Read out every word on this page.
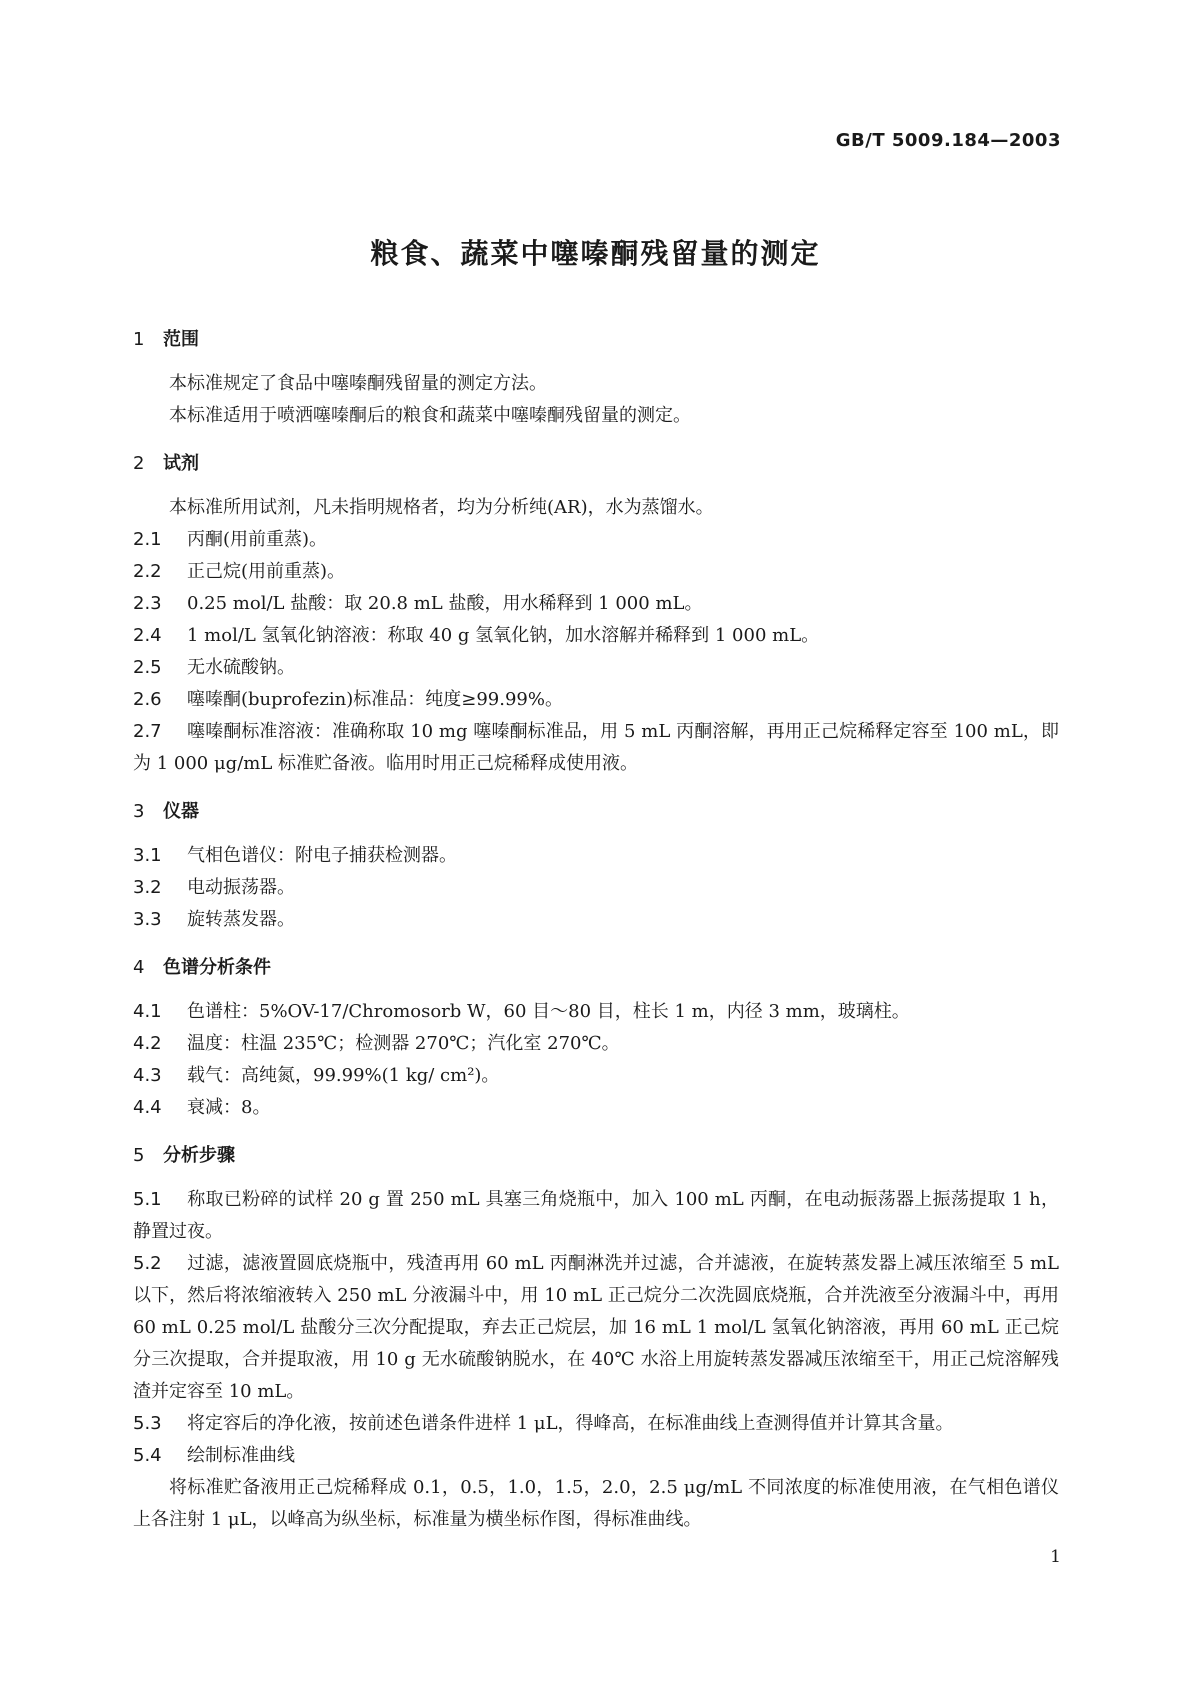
GB/T 5009.184—2003
粮食、蔬菜中噻嗪酮残留量的测定
1 范围
本标准规定了食品中噻嗪酮残留量的测定方法。
本标准适用于喷洒噻嗪酮后的粮食和蔬菜中噻嗪酮残留量的测定。
2 试剂
本标准所用试剂，凡未指明规格者，均为分析纯(AR)，水为蒸馏水。
2.1 丙酮(用前重蒸)。
2.2 正己烷(用前重蒸)。
2.3 0.25 mol/L 盐酸：取 20.8 mL 盐酸，用水稀释到 1 000 mL。
2.4 1 mol/L 氢氧化钠溶液：称取 40 g 氢氧化钠，加水溶解并稀释到 1 000 mL。
2.5 无水硫酸钠。
2.6 噻嗪酮(buprofezin)标准品：纯度≥99.99%。
2.7 噻嗪酮标准溶液：准确称取 10 mg 噻嗪酮标准品，用 5 mL 丙酮溶解，再用正己烷稀释定容至 100 mL，即为 1 000 μg/mL 标准贮备液。临用时用正己烷稀释成使用液。
3 仪器
3.1 气相色谱仪：附电子捕获检测器。
3.2 电动振荡器。
3.3 旋转蒸发器。
4 色谱分析条件
4.1 色谱柱：5%OV-17/Chromosorb W，60 目～80 目，柱长 1 m，内径 3 mm，玻璃柱。
4.2 温度：柱温 235℃；检测器 270℃；汽化室 270℃。
4.3 载气：高纯氮，99.99%(1 kg/ cm²)。
4.4 衰减：8。
5 分析步骤
5.1 称取已粉碎的试样 20 g 置 250 mL 具塞三角烧瓶中，加入 100 mL 丙酮，在电动振荡器上振荡提取 1 h，静置过夜。
5.2 过滤，滤液置圆底烧瓶中，残渣再用 60 mL 丙酮淋洗并过滤，合并滤液，在旋转蒸发器上减压浓缩至 5 mL 以下，然后将浓缩液转入 250 mL 分液漏斗中，用 10 mL 正己烷分二次洗圆底烧瓶，合并洗液至分液漏斗中，再用 60 mL 0.25 mol/L 盐酸分三次分配提取，弃去正己烷层，加 16 mL 1 mol/L 氢氧化钠溶液，再用 60 mL 正己烷分三次提取，合并提取液，用 10 g 无水硫酸钠脱水，在 40℃ 水浴上用旋转蒸发器减压浓缩至干，用正己烷溶解残渣并定容至 10 mL。
5.3 将定容后的净化液，按前述色谱条件进样 1 μL，得峰高，在标准曲线上查测得值并计算其含量。
5.4 绘制标准曲线
将标准贮备液用正己烷稀释成 0.1，0.5，1.0，1.5，2.0，2.5 μg/mL 不同浓度的标准使用液，在气相色谱仪上各注射 1 μL，以峰高为纵坐标，标准量为横坐标作图，得标准曲线。
1
